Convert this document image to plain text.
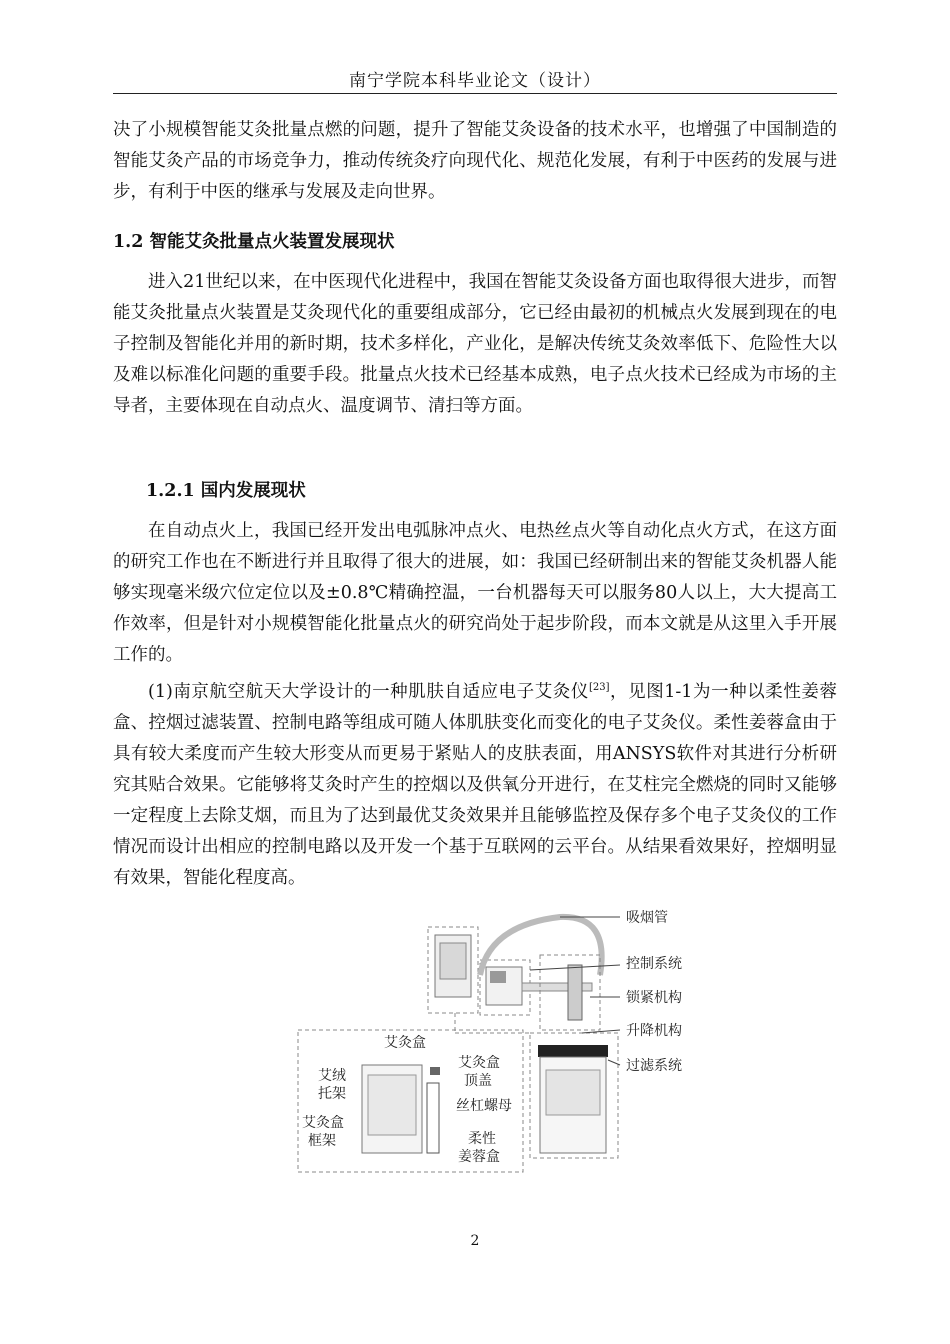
南宁学院本科毕业论文（设计）

决了小规模智能艾灸批量点燃的问题，提升了智能艾灸设备的技术水平，也增强了中国制造的智能艾灸产品的市场竞争力，推动传统灸疗向现代化、规范化发展，有利于中医药的发展与进步，有利于中医的继承与发展及走向世界。

1.2 智能艾灸批量点火装置发展现状

进入21世纪以来，在中医现代化进程中，我国在智能艾灸设备方面也取得很大进步，而智能艾灸批量点火装置是艾灸现代化的重要组成部分，它已经由最初的机械点火发展到现在的电子控制及智能化并用的新时期，技术多样化，产业化，是解决传统艾灸效率低下、危险性大以及难以标准化问题的重要手段。批量点火技术已经基本成熟，电子点火技术已经成为市场的主导者，主要体现在自动点火、温度调节、清扫等方面。

1.2.1 国内发展现状

在自动点火上，我国已经开发出电弧脉冲点火、电热丝点火等自动化点火方式，在这方面的研究工作也在不断进行并且取得了很大的进展，如：我国已经研制出来的智能艾灸机器人能够实现毫米级穴位定位以及±0.8℃精确控温，一台机器每天可以服务80人以上，大大提高工作效率，但是针对小规模智能化批量点火的研究尚处于起步阶段，而本文就是从这里入手开展工作的。

(1)南京航空航天大学设计的一种肌肤自适应电子艾灸仪[23]，见图1-1为一种以柔性姜蓉盒、控烟过滤装置、控制电路等组成可随人体肌肤变化而变化的电子艾灸仪。柔性姜蓉盒由于具有较大柔度而产生较大形变从而更易于紧贴人的皮肤表面，用ANSYS软件对其进行分析研究其贴合效果。它能够将艾灸时产生的控烟以及供氧分开进行，在艾柱完全燃烧的同时又能够一定程度上去除艾烟，而且为了达到最优艾灸效果并且能够监控及保存多个电子艾灸仪的工作情况而设计出相应的控制电路以及开发一个基于互联网的云平台。从结果看效果好，控烟明显有效果，智能化程度高。

吸烟管
控制系统
锁紧机构
升降机构
过滤系统
艾灸盒
艾绒
托架
艾灸盒
顶盖
丝杠螺母
艾灸盒
框架	柔性
姜蓉盒
2
